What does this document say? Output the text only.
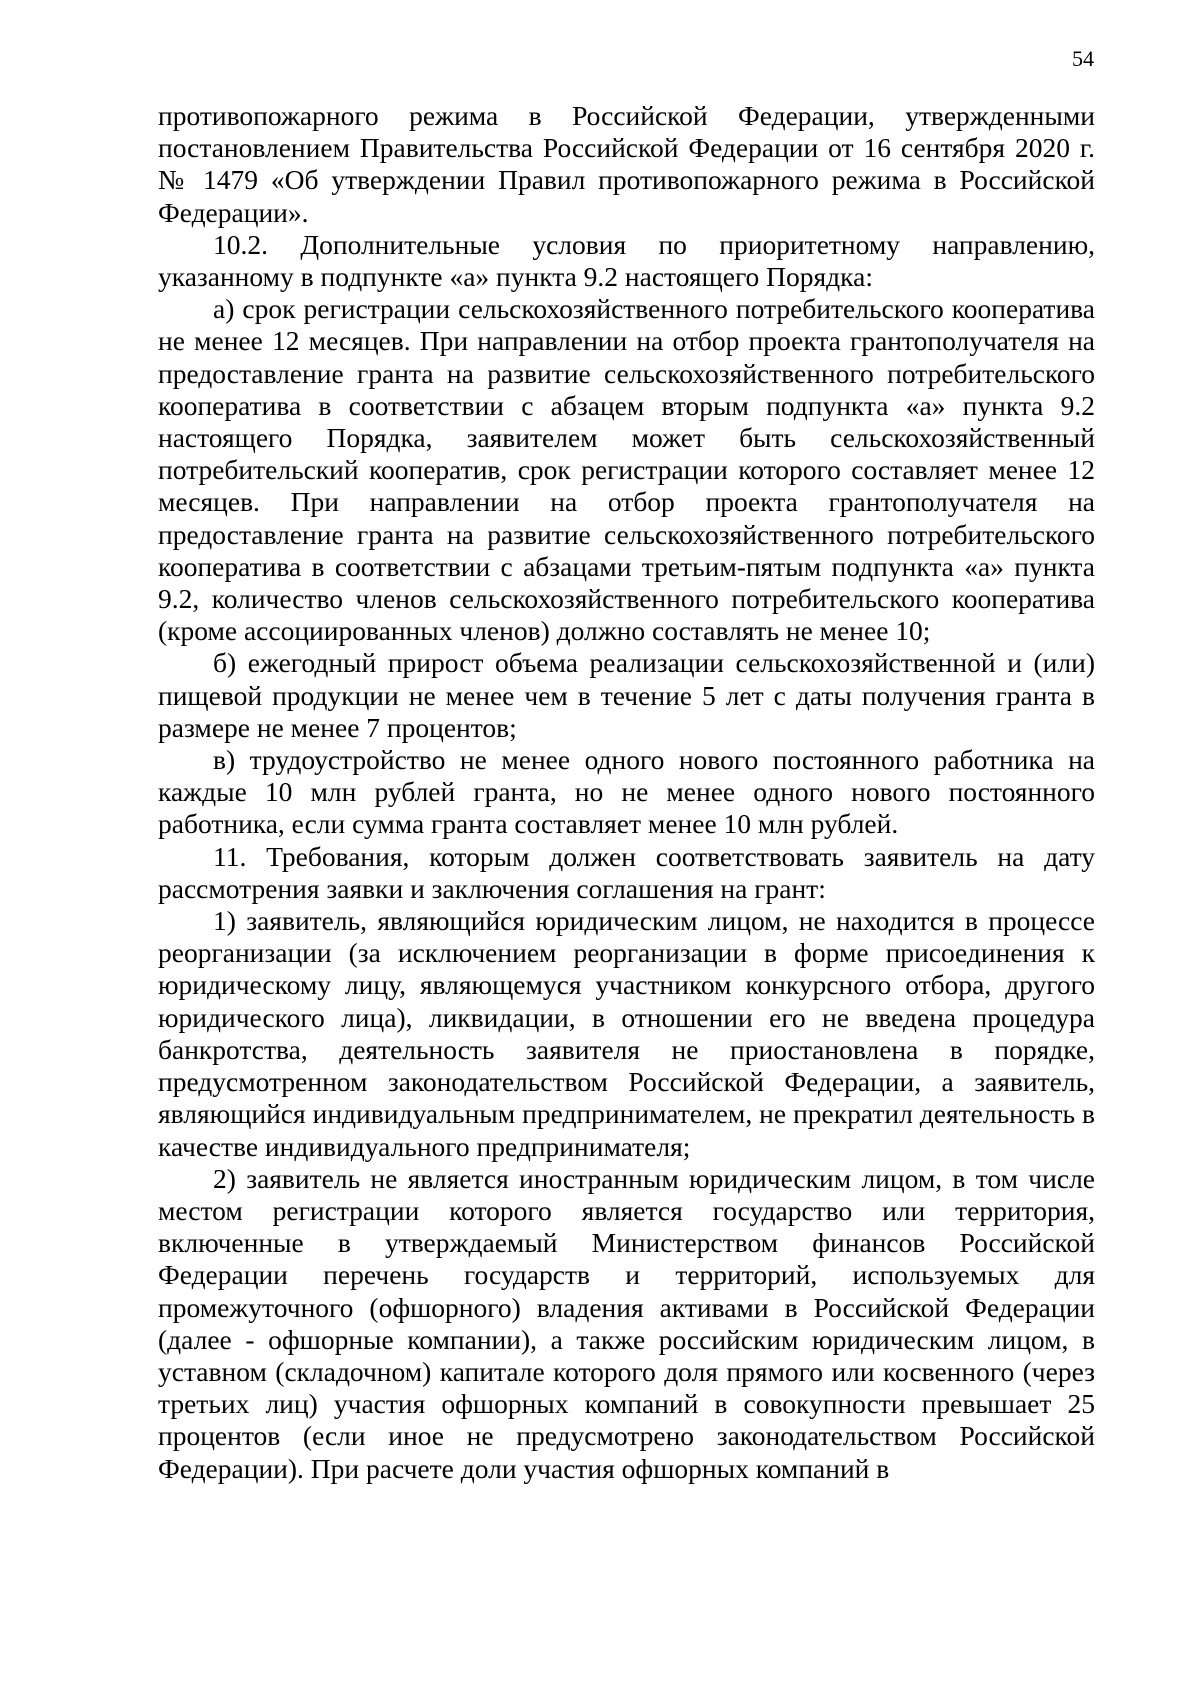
54

противопожарного режима в Российской Федерации, утвержденными постановлением Правительства Российской Федерации от 16 сентября 2020 г. № 1479 «Об утверждении Правил противопожарного режима в Российской Федерации».

10.2. Дополнительные условия по приоритетному направлению, указанному в подпункте «а» пункта 9.2 настоящего Порядка:

а) срок регистрации сельскохозяйственного потребительского кооператива не менее 12 месяцев. При направлении на отбор проекта грантополучателя на предоставление гранта на развитие сельскохозяйственного потребительского кооператива в соответствии с абзацем вторым подпункта «а» пункта 9.2 настоящего Порядка, заявителем может быть сельскохозяйственный потребительский кооператив, срок регистрации которого составляет менее 12 месяцев. При направлении на отбор проекта грантополучателя на предоставление гранта на развитие сельскохозяйственного потребительского кооператива в соответствии с абзацами третьим-пятым подпункта «а» пункта 9.2, количество членов сельскохозяйственного потребительского кооператива (кроме ассоциированных членов) должно составлять не менее 10;

б) ежегодный прирост объема реализации сельскохозяйственной и (или) пищевой продукции не менее чем в течение 5 лет с даты получения гранта в размере не менее 7 процентов;

в) трудоустройство не менее одного нового постоянного работника на каждые 10 млн рублей гранта, но не менее одного нового постоянного работника, если сумма гранта составляет менее 10 млн рублей.

11. Требования, которым должен соответствовать заявитель на дату рассмотрения заявки и заключения соглашения на грант:

1) заявитель, являющийся юридическим лицом, не находится в процессе реорганизации (за исключением реорганизации в форме присоединения к юридическому лицу, являющемуся участником конкурсного отбора, другого юридического лица), ликвидации, в отношении его не введена процедура банкротства, деятельность заявителя не приостановлена в порядке, предусмотренном законодательством Российской Федерации, а заявитель, являющийся индивидуальным предпринимателем, не прекратил деятельность в качестве индивидуального предпринимателя;

2) заявитель не является иностранным юридическим лицом, в том числе местом регистрации которого является государство или территория, включенные в утверждаемый Министерством финансов Российской Федерации перечень государств и территорий, используемых для промежуточного (офшорного) владения активами в Российской Федерации (далее - офшорные компании), а также российским юридическим лицом, в уставном (складочном) капитале которого доля прямого или косвенного (через третьих лиц) участия офшорных компаний в совокупности превышает 25 процентов (если иное не предусмотрено законодательством Российской Федерации). При расчете доли участия офшорных компаний в
